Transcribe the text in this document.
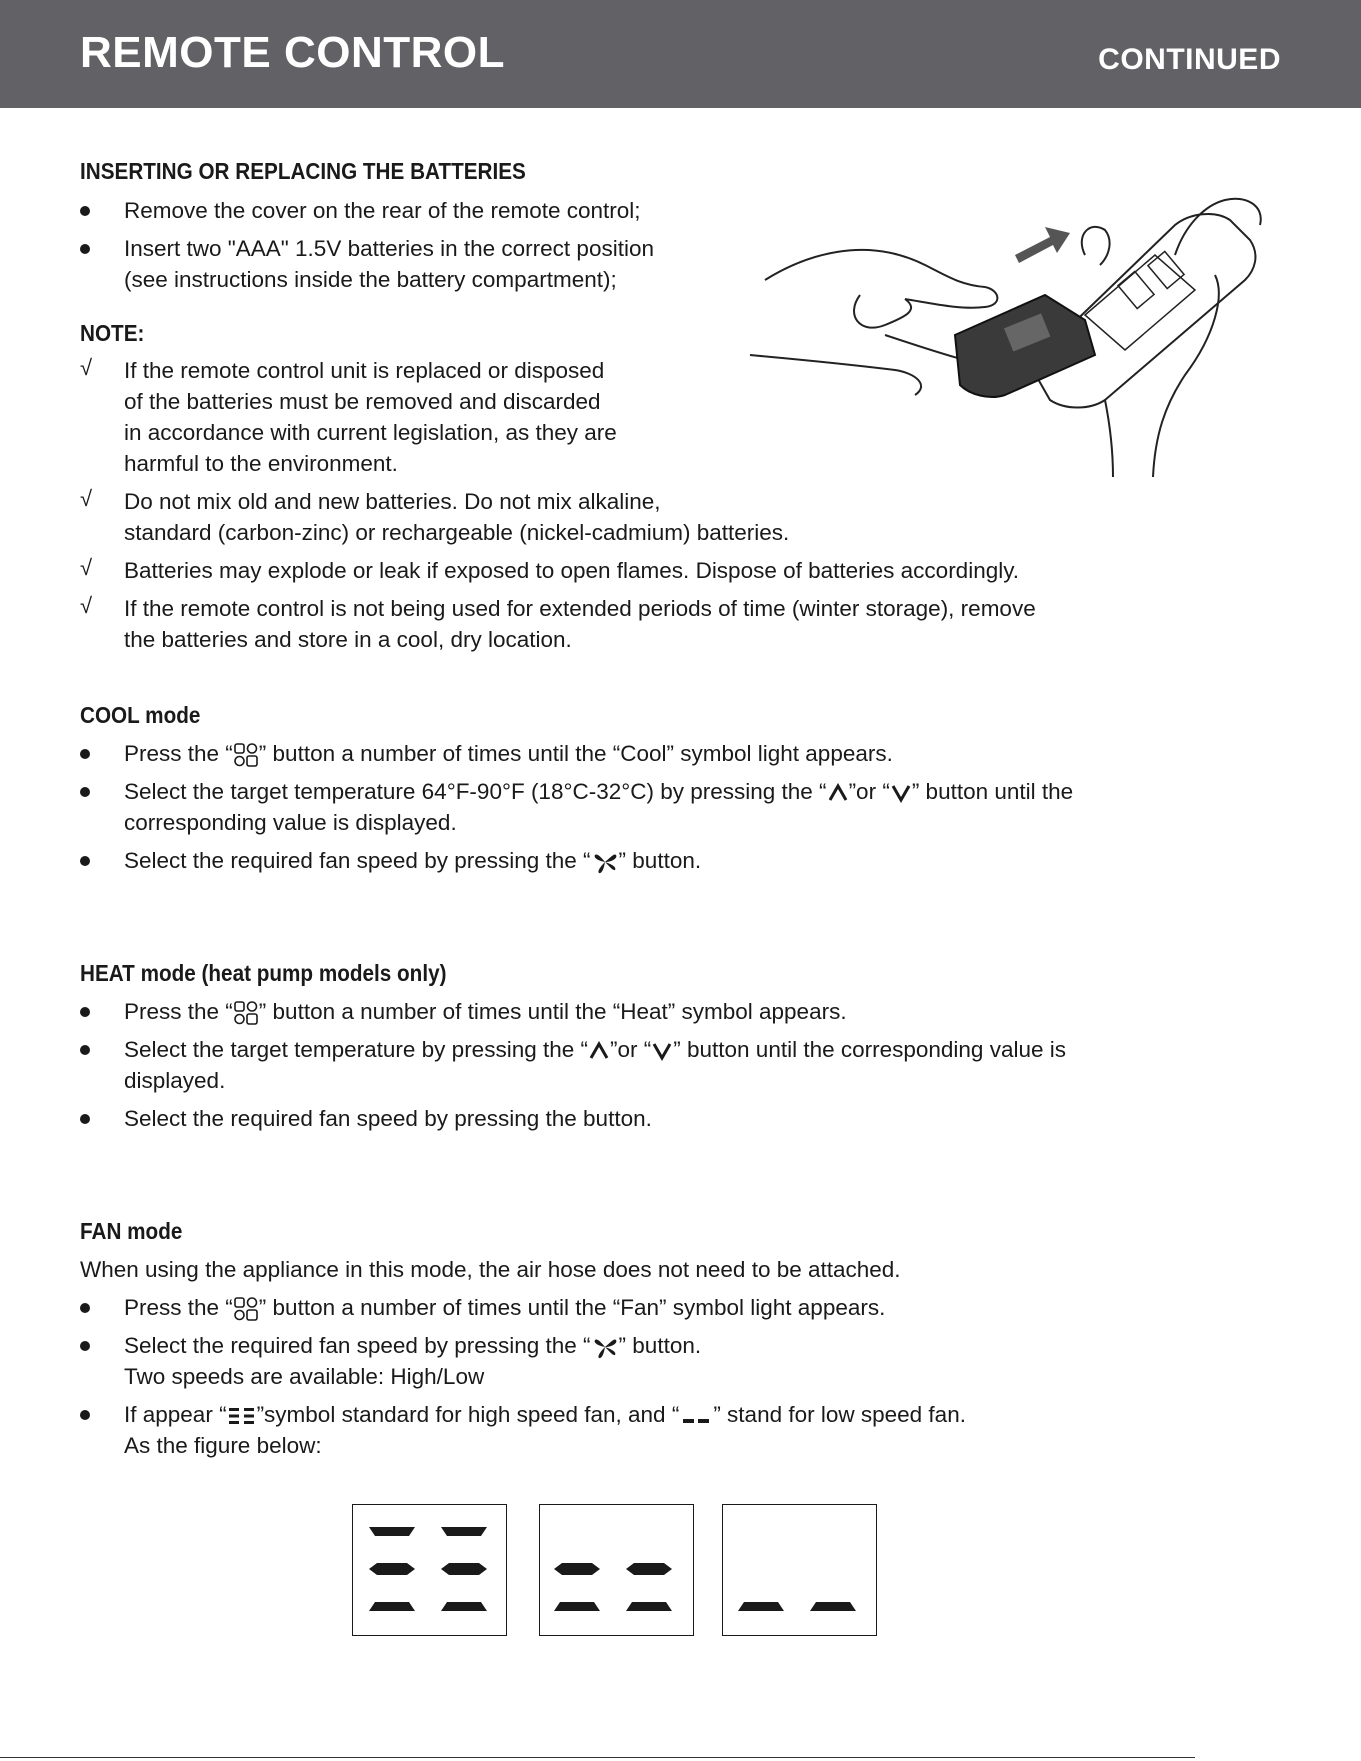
REMOTE CONTROL	CONTINUED
INSERTING OR REPLACING THE BATTERIES
Remove the cover on the rear of the remote control;
Insert two "AAA" 1.5V batteries in the correct position
(see instructions inside the battery compartment);
NOTE:
√ If the remote control unit is replaced or disposed
of the batteries must be removed and discarded
in accordance with current legislation, as they are
harmful to the environment.
√ Do not mix old and new batteries. Do not mix alkaline,
standard (carbon-zinc) or rechargeable (nickel-cadmium) batteries.
√ Batteries may explode or leak if exposed to open flames. Dispose of batteries accordingly.
√ If the remote control is not being used for extended periods of time (winter storage), remove
the batteries and store in a cool, dry location.
COOL mode
Press the “ ” button a number of times until the “Cool” symbol light appears.
Select the target temperature 64°F-90°F (18°C-32°C) by pressing the “ ”or “ ” button until the
corresponding value is displayed.
Select the required fan speed by pressing the “ ” button.
HEAT mode (heat pump models only)
Press the “ ” button a number of times until the “Heat” symbol appears.
Select the target temperature by pressing the “ ”or “ ” button until the corresponding value is
displayed.
Select the required fan speed by pressing the button.
FAN mode
When using the appliance in this mode, the air hose does not need to be attached.
Press the “ ” button a number of times until the “Fan” symbol light appears.
Select the required fan speed by pressing the “ ” button.
Two speeds are available: High/Low
If appear “ ”symbol standard for high speed fan, and “ ” stand for low speed fan.
As the figure below:
